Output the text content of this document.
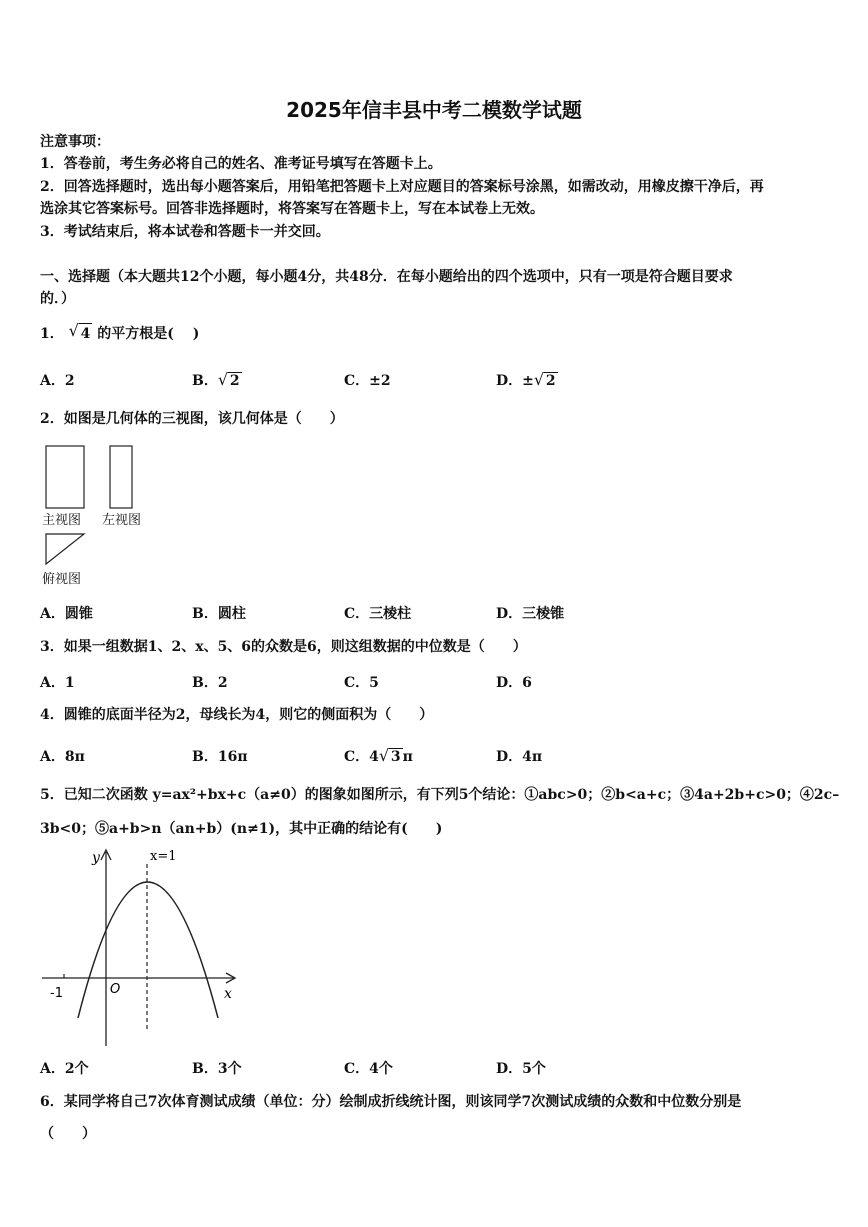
2025年信丰县中考二模数学试题
注意事项：
1．答卷前，考生务必将自己的姓名、准考证号填写在答题卡上。
2．回答选择题时，选出每小题答案后，用铅笔把答题卡上对应题目的答案标号涂黑，如需改动，用橡皮擦干净后，再
选涂其它答案标号。回答非选择题时，将答案写在答题卡上，写在本试卷上无效。
3．考试结束后，将本试卷和答题卡一并交回。
一、选择题（本大题共12个小题，每小题4分，共48分．在每小题给出的四个选项中，只有一项是符合题目要求
的．）
1． √ 4 的平方根是(　 )
A．2	B． √ 2	C．±2	D．± √ 2
2．如图是几何体的三视图，该几何体是（　　）
主视图 左视图
俯视图
A．圆锥	B．圆柱	C．三棱柱	D．三棱锥
3．如果一组数据1、2、x、5、6的众数是6，则这组数据的中位数是（　　）
A．1	B．2	C．5	D．6
4．圆锥的底面半径为2，母线长为4，则它的侧面积为（　　）
A．8π	B．16π	C．4 √ 3 π	D．4π
5．已知二次函数 y=ax²+bx+c（a≠0）的图象如图所示，有下列5个结论：①abc>0；②b<a+c；③4a+2b+c>0；④2c–
3b<0；⑤a+b>n（an+b）(n≠1)，其中正确的结论有(　　)
y	x=1
x
O
-1
A．2个	B．3个	C．4个	D．5个
6．某同学将自己7次体育测试成绩（单位：分）绘制成折线统计图，则该同学7次测试成绩的众数和中位数分别是
（　　）
